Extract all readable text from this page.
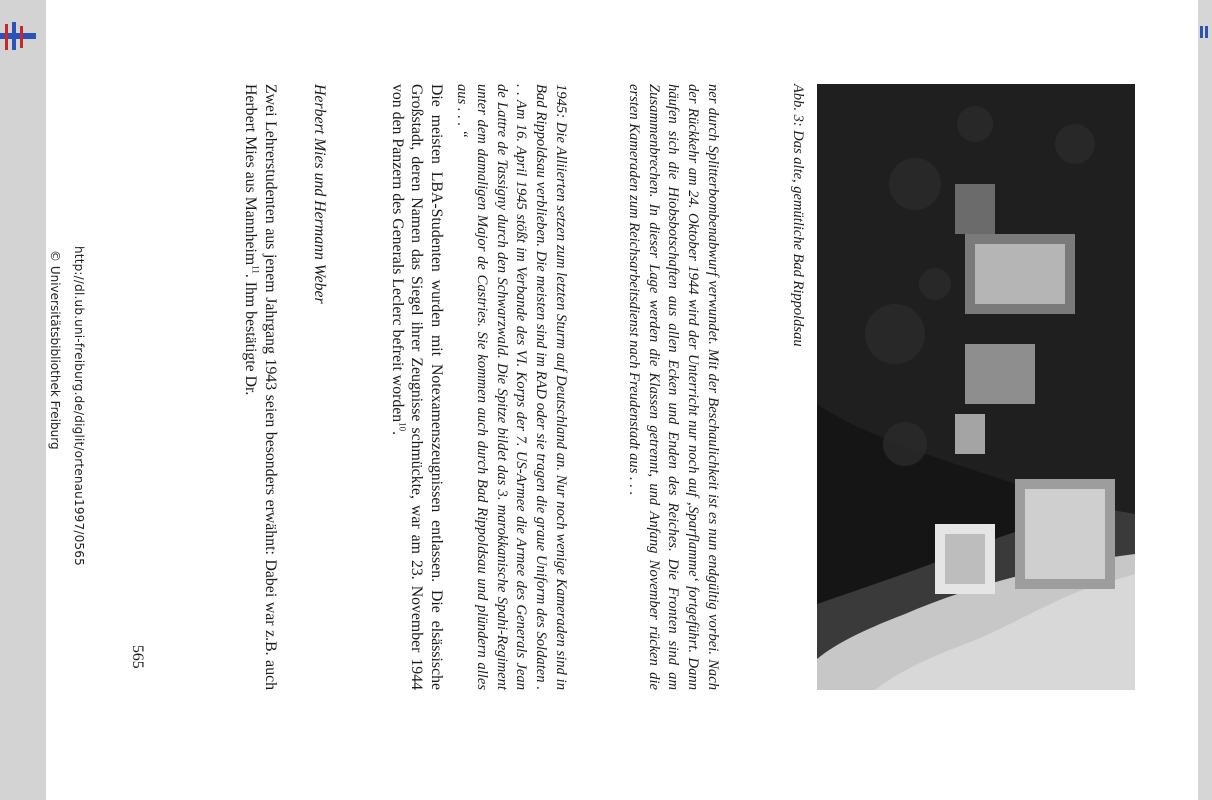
Abb. 3: Das alte, gemütliche Bad Rippoldsau
ner durch Splitterbombenabwurf verwundet. Mit der Beschaulichkeit ist es nun endgültig vorbei. Nach der Rückkehr am 24. Oktober 1944 wird der Unterricht nur noch auf ‚Sparflamme‘ fortgeführt. Dann häufen sich die Hiobsbotschaften aus allen Ecken und Enden des Reiches. Die Fronten sind am Zusammenbrechen. In dieser Lage werden die Klassen getrennt, und Anfang November rücken die ersten Kameraden zum Reichsarbeitsdienst nach Freudenstadt aus . . .
1945: Die Alliierten setzen zum letzten Sturm auf Deutschland an. Nur noch wenige Kameraden sind in Bad Rippoldsau verblieben. Die meisten sind im RAD oder sie tragen die graue Uniform des Soldaten . . . Am 16. April 1945 stößt im Verbande des VI. Korps der 7. US-Armee die Armee des Generals Jean de Lattre de Tassigny durch den Schwarzwald. Die Spitze bildet das 3. marokkanische Spahi-Regiment unter dem damaligen Major de Castries. Sie kommen auch durch Bad Rippoldsau und plündern alles aus . . . “
Die meisten LBA-Studenten wurden mit Notexamenszeugnissen entlassen. Die elsässische Großstadt, deren Namen das Siegel ihrer Zeugnisse schmückte, war am 23. November 1944 von den Panzern des Generals Leclerc befreit worden$^{10}$.
Herbert Mies und Hermann Weber
Zwei Lehrerstudenten aus jenem Jahrgang 1943 seien besonders erwähnt: Dabei war z.B. auch Herbert Mies aus Mannheim$^{11}$. Ihm bestätigte Dr.
565
http://dl.ub.uni-freiburg.de/diglit/ortenau1997/0565
© Universitätsbibliothek Freiburg
